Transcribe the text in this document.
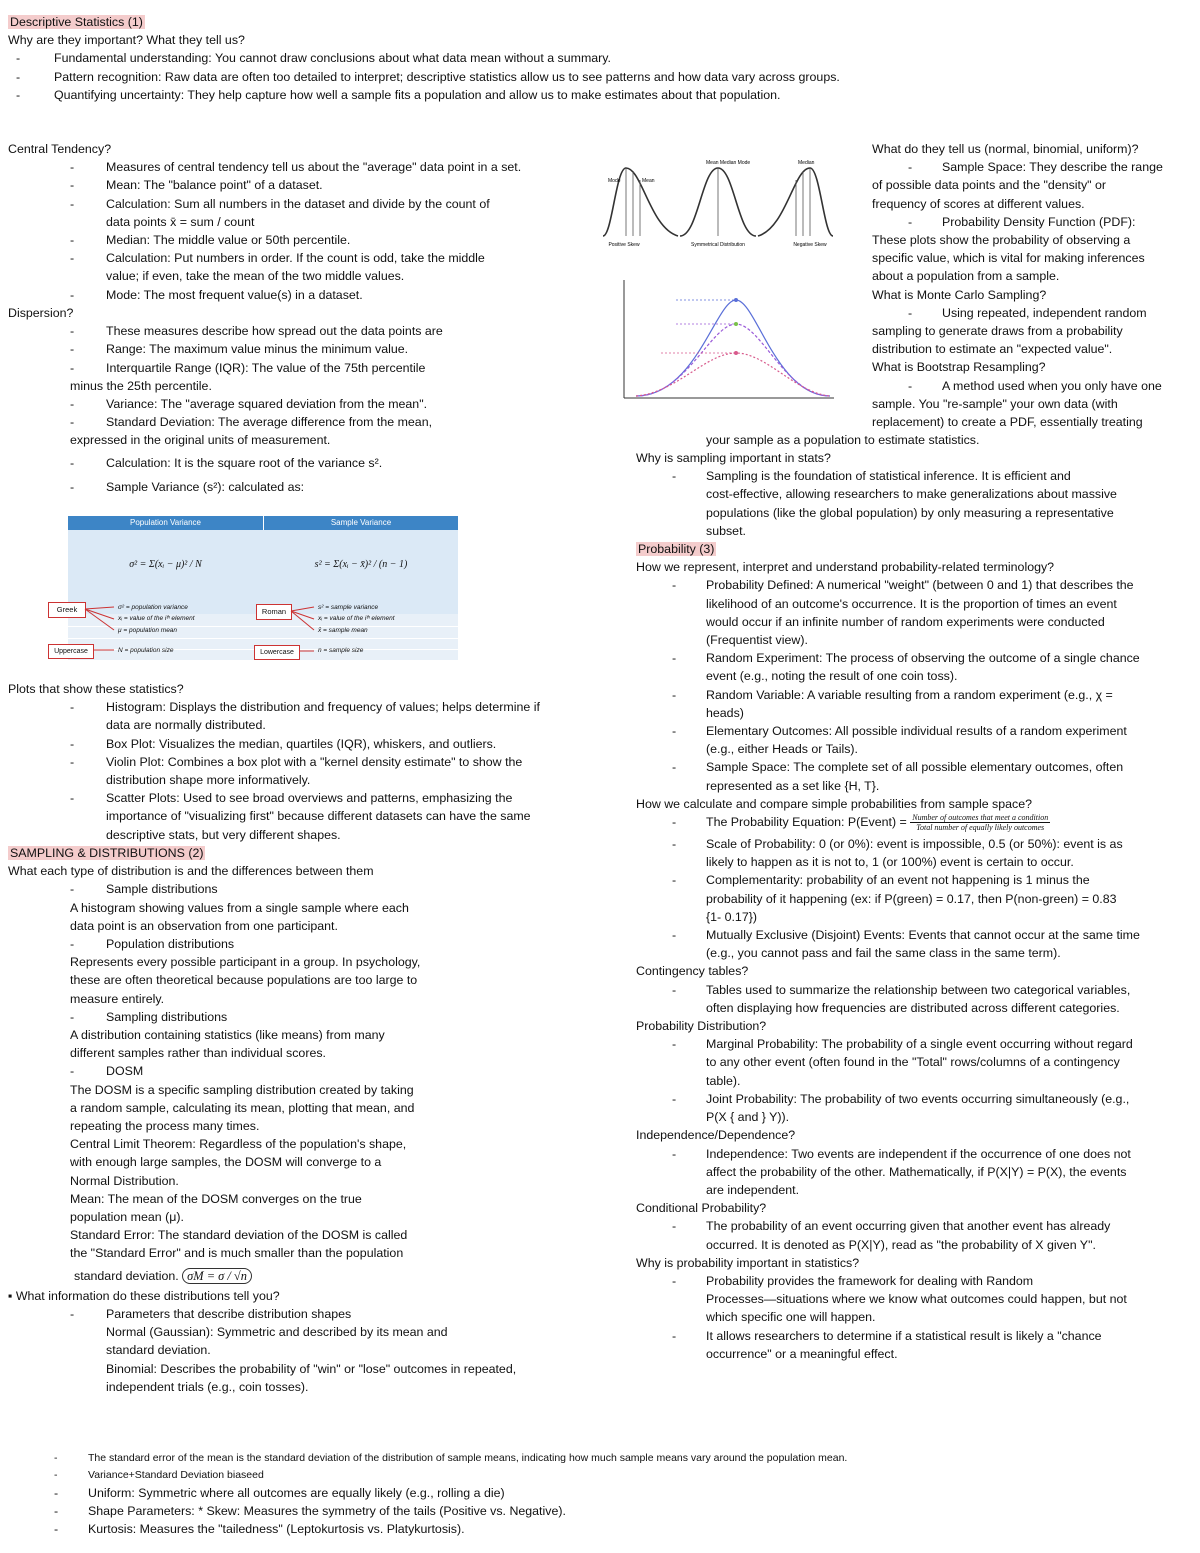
Descriptive Statistics (1)
Why are they important? What they tell us?
-	Fundamental understanding: You cannot draw conclusions about what data mean without a summary.
-	Pattern recognition: Raw data are often too detailed to interpret; descriptive statistics allow us to see patterns and how data vary across groups.
-	Quantifying uncertainty: They help capture how well a sample fits a population and allow us to make estimates about that population.
Central Tendency?
-	Measures of central tendency tell us about the "average" data point in a set.
-	Mean: The "balance point" of a dataset.
-	Calculation: Sum all numbers in the dataset and divide by the count of
data points x̄ = sum / count
-	Median: The middle value or 50th percentile.
-	Calculation: Put numbers in order. If the count is odd, take the middle
value; if even, take the mean of the two middle values.
-	Mode: The most frequent value(s) in a dataset.
Dispersion?
-	These measures describe how spread out the data points are
-	Range: The maximum value minus the minimum value.
-	Interquartile Range (IQR): The value of the 75th percentile
minus the 25th percentile.
-	Variance: The "average squared deviation from the mean".
-	Standard Deviation: The average difference from the mean,
expressed in the original units of measurement.
-	Calculation: It is the square root of the variance s².
-	Sample Variance (s²): calculated as:
Population Variance	Sample Variance
σ² = Σ(xᵢ − μ)² / N	s² = Σ(xᵢ − x̄)² / (n − 1)
Greek
Uppercase
Roman
Lowercase
σ² = population variance
xᵢ = value of the iᵗʰ element
μ = population mean
N = population size
s² = sample variance
xᵢ = value of the iᵗʰ element
x̄ = sample mean
n = sample size
Plots that show these statistics?
-	Histogram: Displays the distribution and frequency of values; helps determine if
data are normally distributed.
-	Box Plot: Visualizes the median, quartiles (IQR), whiskers, and outliers.
-	Violin Plot: Combines a box plot with a "kernel density estimate" to show the
distribution shape more informatively.
-	Scatter Plots: Used to see broad overviews and patterns, emphasizing the
importance of "visualizing first" because different datasets can have the same
descriptive stats, but very different shapes.
SAMPLING & DISTRIBUTIONS (2)
What each type of distribution is and the differences between them
-	Sample distributions
A histogram showing values from a single sample where each
data point is an observation from one participant.
-	Population distributions
Represents every possible participant in a group. In psychology,
these are often theoretical because populations are too large to
measure entirely.
-	Sampling distributions
A distribution containing statistics (like means) from many
different samples rather than individual scores.
-	DOSM
The DOSM is a specific sampling distribution created by taking
a random sample, calculating its mean, plotting that mean, and
repeating the process many times.
Central Limit Theorem: Regardless of the population's shape,
with enough large samples, the DOSM will converge to a
Normal Distribution.
Mean: The mean of the DOSM converges on the true
population mean (μ).
Standard Error: The standard deviation of the DOSM is called
the "Standard Error" and is much smaller than the population
standard deviation. σM = σ / √n
▪ What information do these distributions tell you?
-	Parameters that describe distribution shapes
Normal (Gaussian): Symmetric and described by its mean and
standard deviation.
Binomial: Describes the probability of "win" or "lose" outcomes in repeated,
independent trials (e.g., coin tosses).
Mode	Mean
Mean Median Mode	Median
Positive Skew	Symmetrical Distribution	Negative Skew
What do they tell us (normal, binomial, uniform)?
- Sample Space: They describe the range
of possible data points and the "density" or
frequency of scores at different values.
- Probability Density Function (PDF):
These plots show the probability of observing a
specific value, which is vital for making inferences
about a population from a sample.
What is Monte Carlo Sampling?
- Using repeated, independent random
sampling to generate draws from a probability
distribution to estimate an "expected value".
What is Bootstrap Resampling?
- A method used when you only have one
sample. You "re-sample" your own data (with
replacement) to create a PDF, essentially treating
your sample as a population to estimate statistics.
Why is sampling important in stats?
- Sampling is the foundation of statistical inference. It is efficient and
cost-effective, allowing researchers to make generalizations about massive
populations (like the global population) by only measuring a representative
subset.
Probability (3)
How we represent, interpret and understand probability-related terminology?
- Probability Defined: A numerical "weight" (between 0 and 1) that describes the
likelihood of an outcome's occurrence. It is the proportion of times an event
would occur if an infinite number of random experiments were conducted
(Frequentist view).
- Random Experiment: The process of observing the outcome of a single chance
event (e.g., noting the result of one coin toss).
- Random Variable: A variable resulting from a random experiment (e.g., χ =
heads)
- Elementary Outcomes: All possible individual results of a random experiment
(e.g., either Heads or Tails).
- Sample Space: The complete set of all possible elementary outcomes, often
represented as a set like {H, T}.
How we calculate and compare simple probabilities from sample space?
- The Probability Equation: P(Event) = $\frac{\text{Number of outcomes that meet a condition}}{\text{Total number of equally likely outcomes}}$
- Scale of Probability: 0 (or 0%): event is impossible, 0.5 (or 50%): event is as
likely to happen as it is not to, 1 (or 100%) event is certain to occur.
- Complementarity: probability of an event not happening is 1 minus the
probability of it happening (ex: if P(green) = 0.17, then P(non-green) = 0.83
{1- 0.17})
- Mutually Exclusive (Disjoint) Events: Events that cannot occur at the same time
(e.g., you cannot pass and fail the same class in the same term).
Contingency tables?
- Tables used to summarize the relationship between two categorical variables,
often displaying how frequencies are distributed across different categories.
Probability Distribution?
- Marginal Probability: The probability of a single event occurring without regard
to any other event (often found in the "Total" rows/columns of a contingency
table).
- Joint Probability: The probability of two events occurring simultaneously (e.g.,
P(X { and } Y)).
Independence/Dependence?
- Independence: Two events are independent if the occurrence of one does not
affect the probability of the other. Mathematically, if P(X|Y) = P(X), the events
are independent.
Conditional Probability?
- The probability of an event occurring given that another event has already
occurred. It is denoted as P(X|Y), read as "the probability of X given Y".
Why is probability important in statistics?
- Probability provides the framework for dealing with Random
Processes—situations where we know what outcomes could happen, but not
which specific one will happen.
- It allows researchers to determine if a statistical result is likely a "chance
occurrence" or a meaningful effect.
-	The standard error of the mean is the standard deviation of the distribution of sample means, indicating how much sample means vary around the population mean.
-	Variance+Standard Deviation biaseed
- Uniform: Symmetric where all outcomes are equally likely (e.g., rolling a die)
- Shape Parameters: * Skew: Measures the symmetry of the tails (Positive vs. Negative).
- Kurtosis: Measures the "tailedness" (Leptokurtosis vs. Platykurtosis).
